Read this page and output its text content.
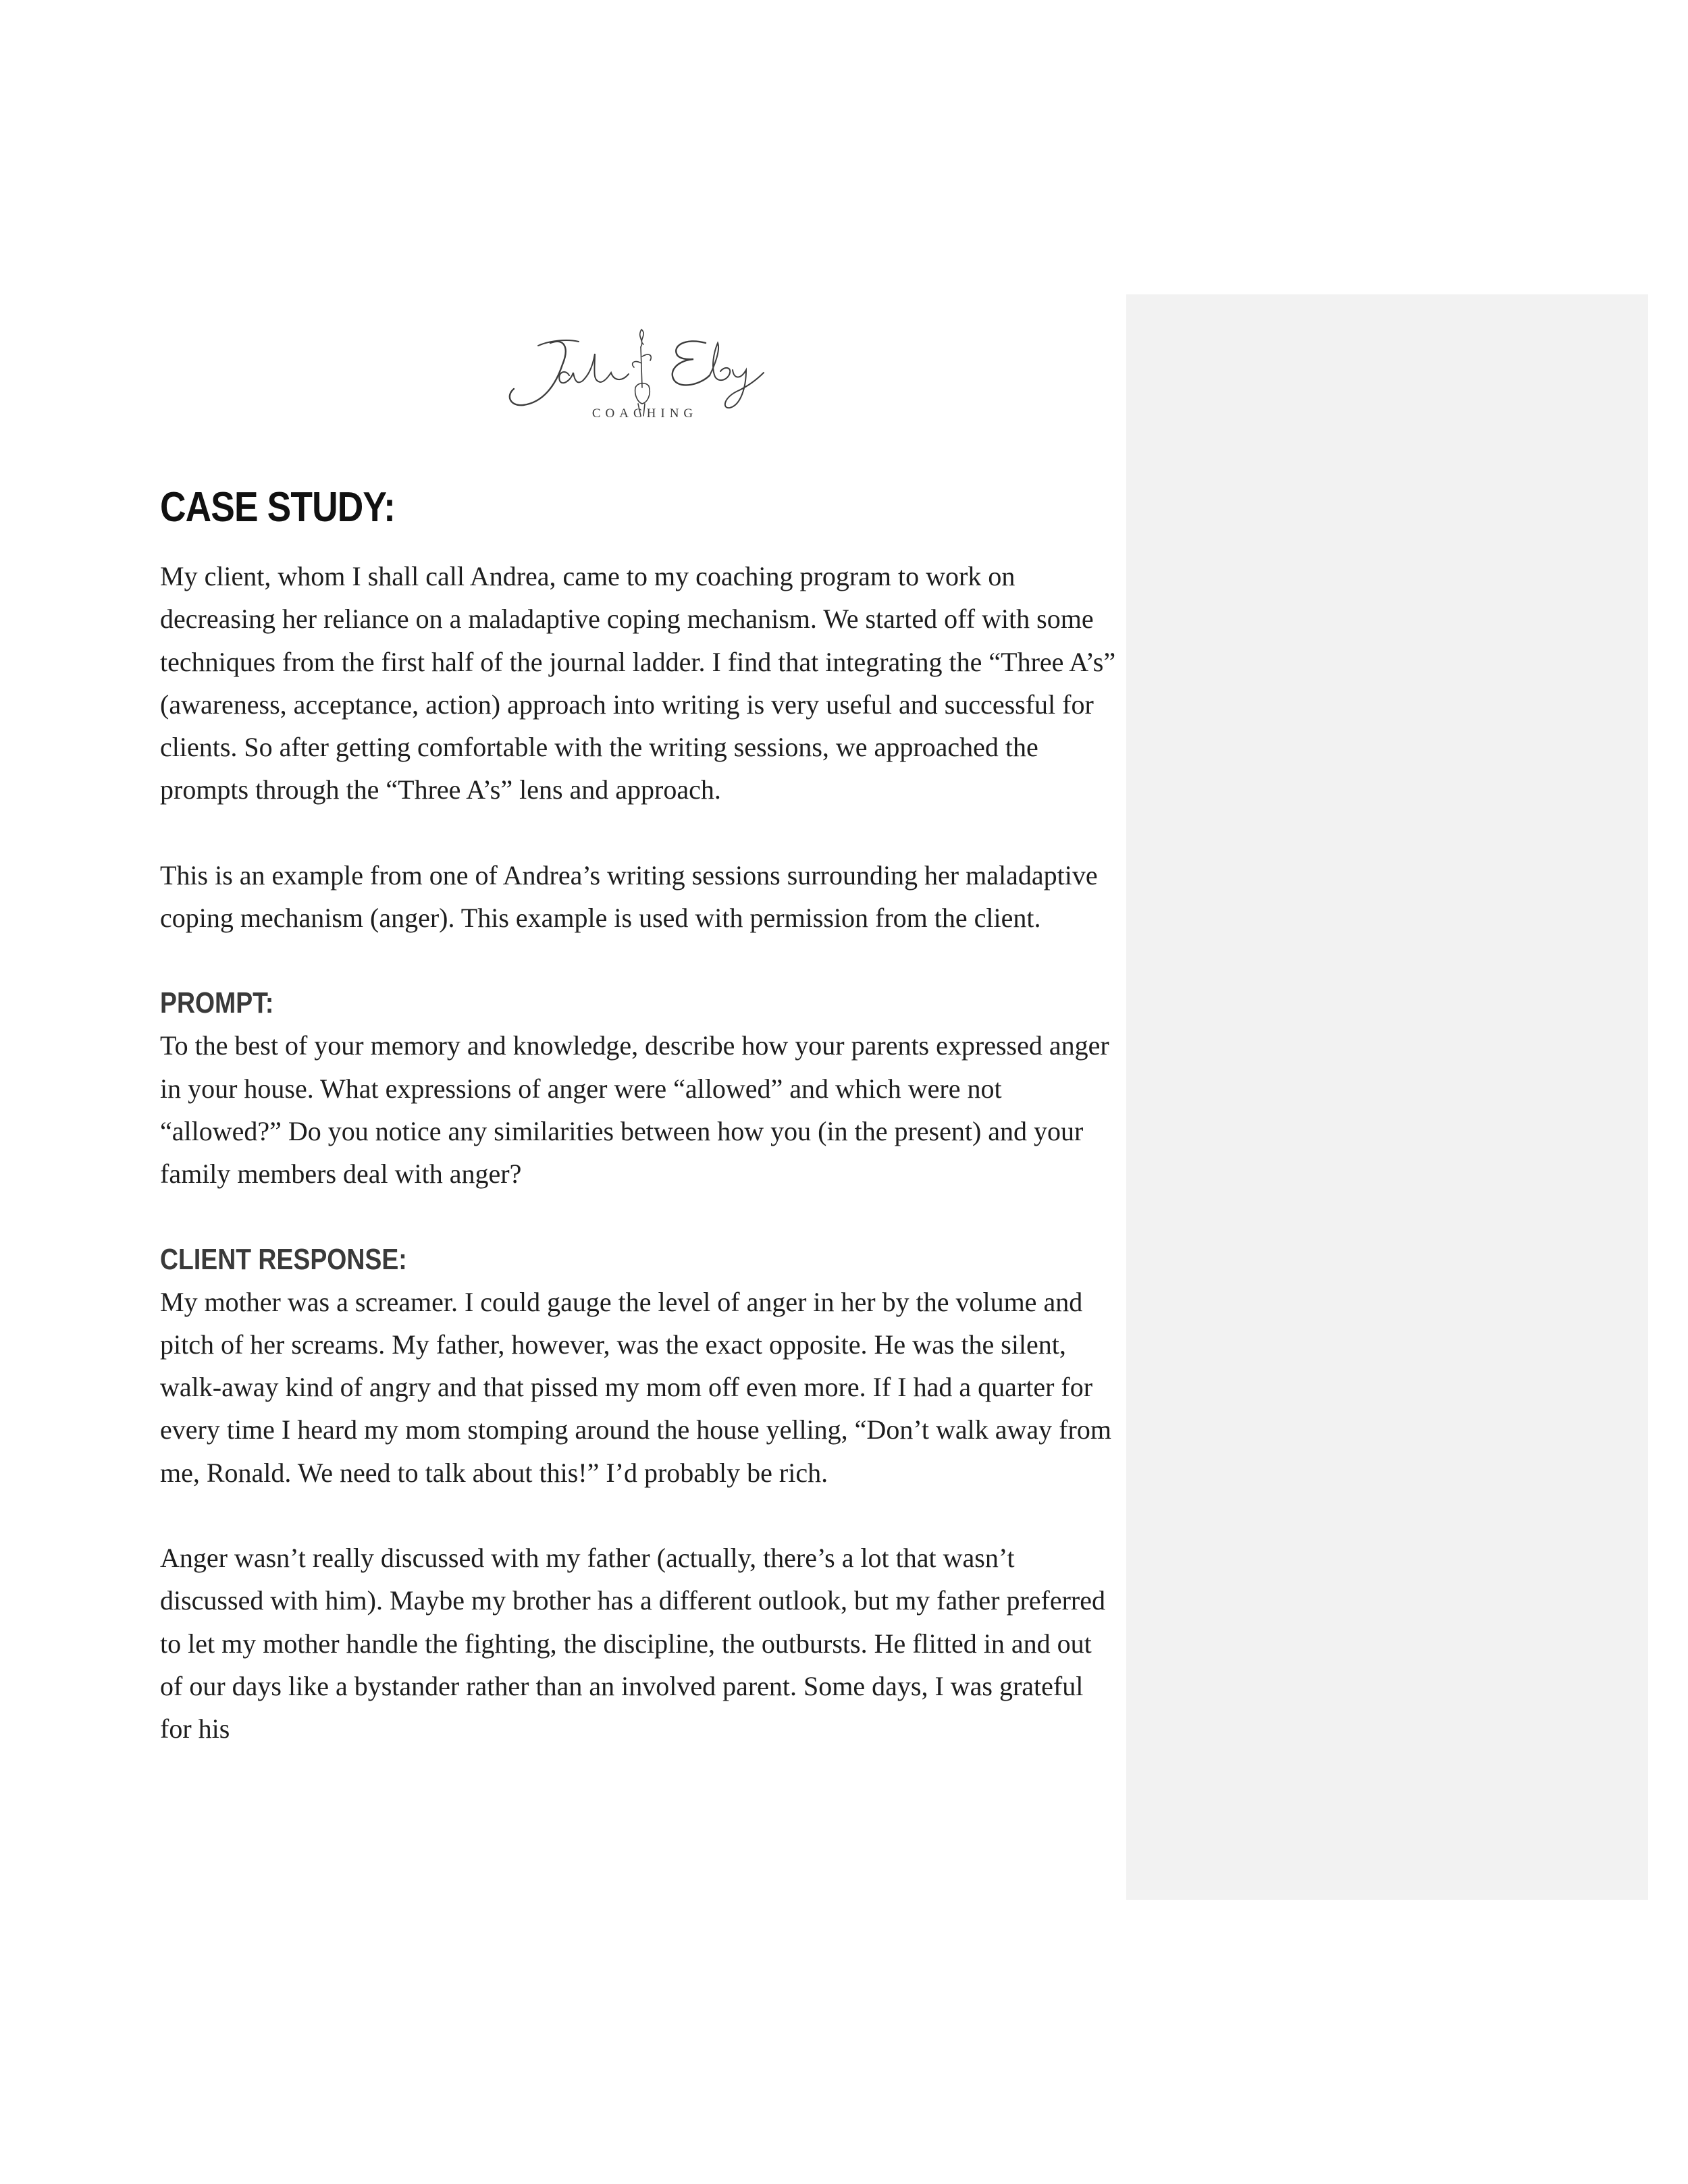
COACHING
CASE STUDY:

My client, whom I shall call Andrea, came to my coaching program to work on decreasing her reliance on a maladaptive coping mechanism. We started off with some techniques from the first half of the journal ladder. I find that integrating the “Three A’s” (awareness, acceptance, action) approach into writing is very useful and successful for clients. So after getting comfortable with the writing sessions, we approached the prompts through the “Three A’s” lens and approach.

This is an example from one of Andrea’s writing sessions surrounding her maladaptive coping mechanism (anger). This example is used with permission from the client.

PROMPT:

To the best of your memory and knowledge, describe how your parents expressed anger in your house. What expressions of anger were “allowed” and which were not “allowed?” Do you notice any similarities between how you (in the present) and your family members deal with anger?

CLIENT RESPONSE:

My mother was a screamer. I could gauge the level of anger in her by the volume and pitch of her screams. My father, however, was the exact opposite. He was the silent, walk-away kind of angry and that pissed my mom off even more. If I had a quarter for every time I heard my mom stomping around the house yelling, “Don’t walk away from me, Ronald. We need to talk about this!” I’d probably be rich.

Anger wasn’t really discussed with my father (actually, there’s a lot that wasn’t discussed with him). Maybe my brother has a different outlook, but my father preferred to let my mother handle the fighting, the discipline, the outbursts. He flitted in and out of our days like a bystander rather than an involved parent. Some days, I was grateful for his
